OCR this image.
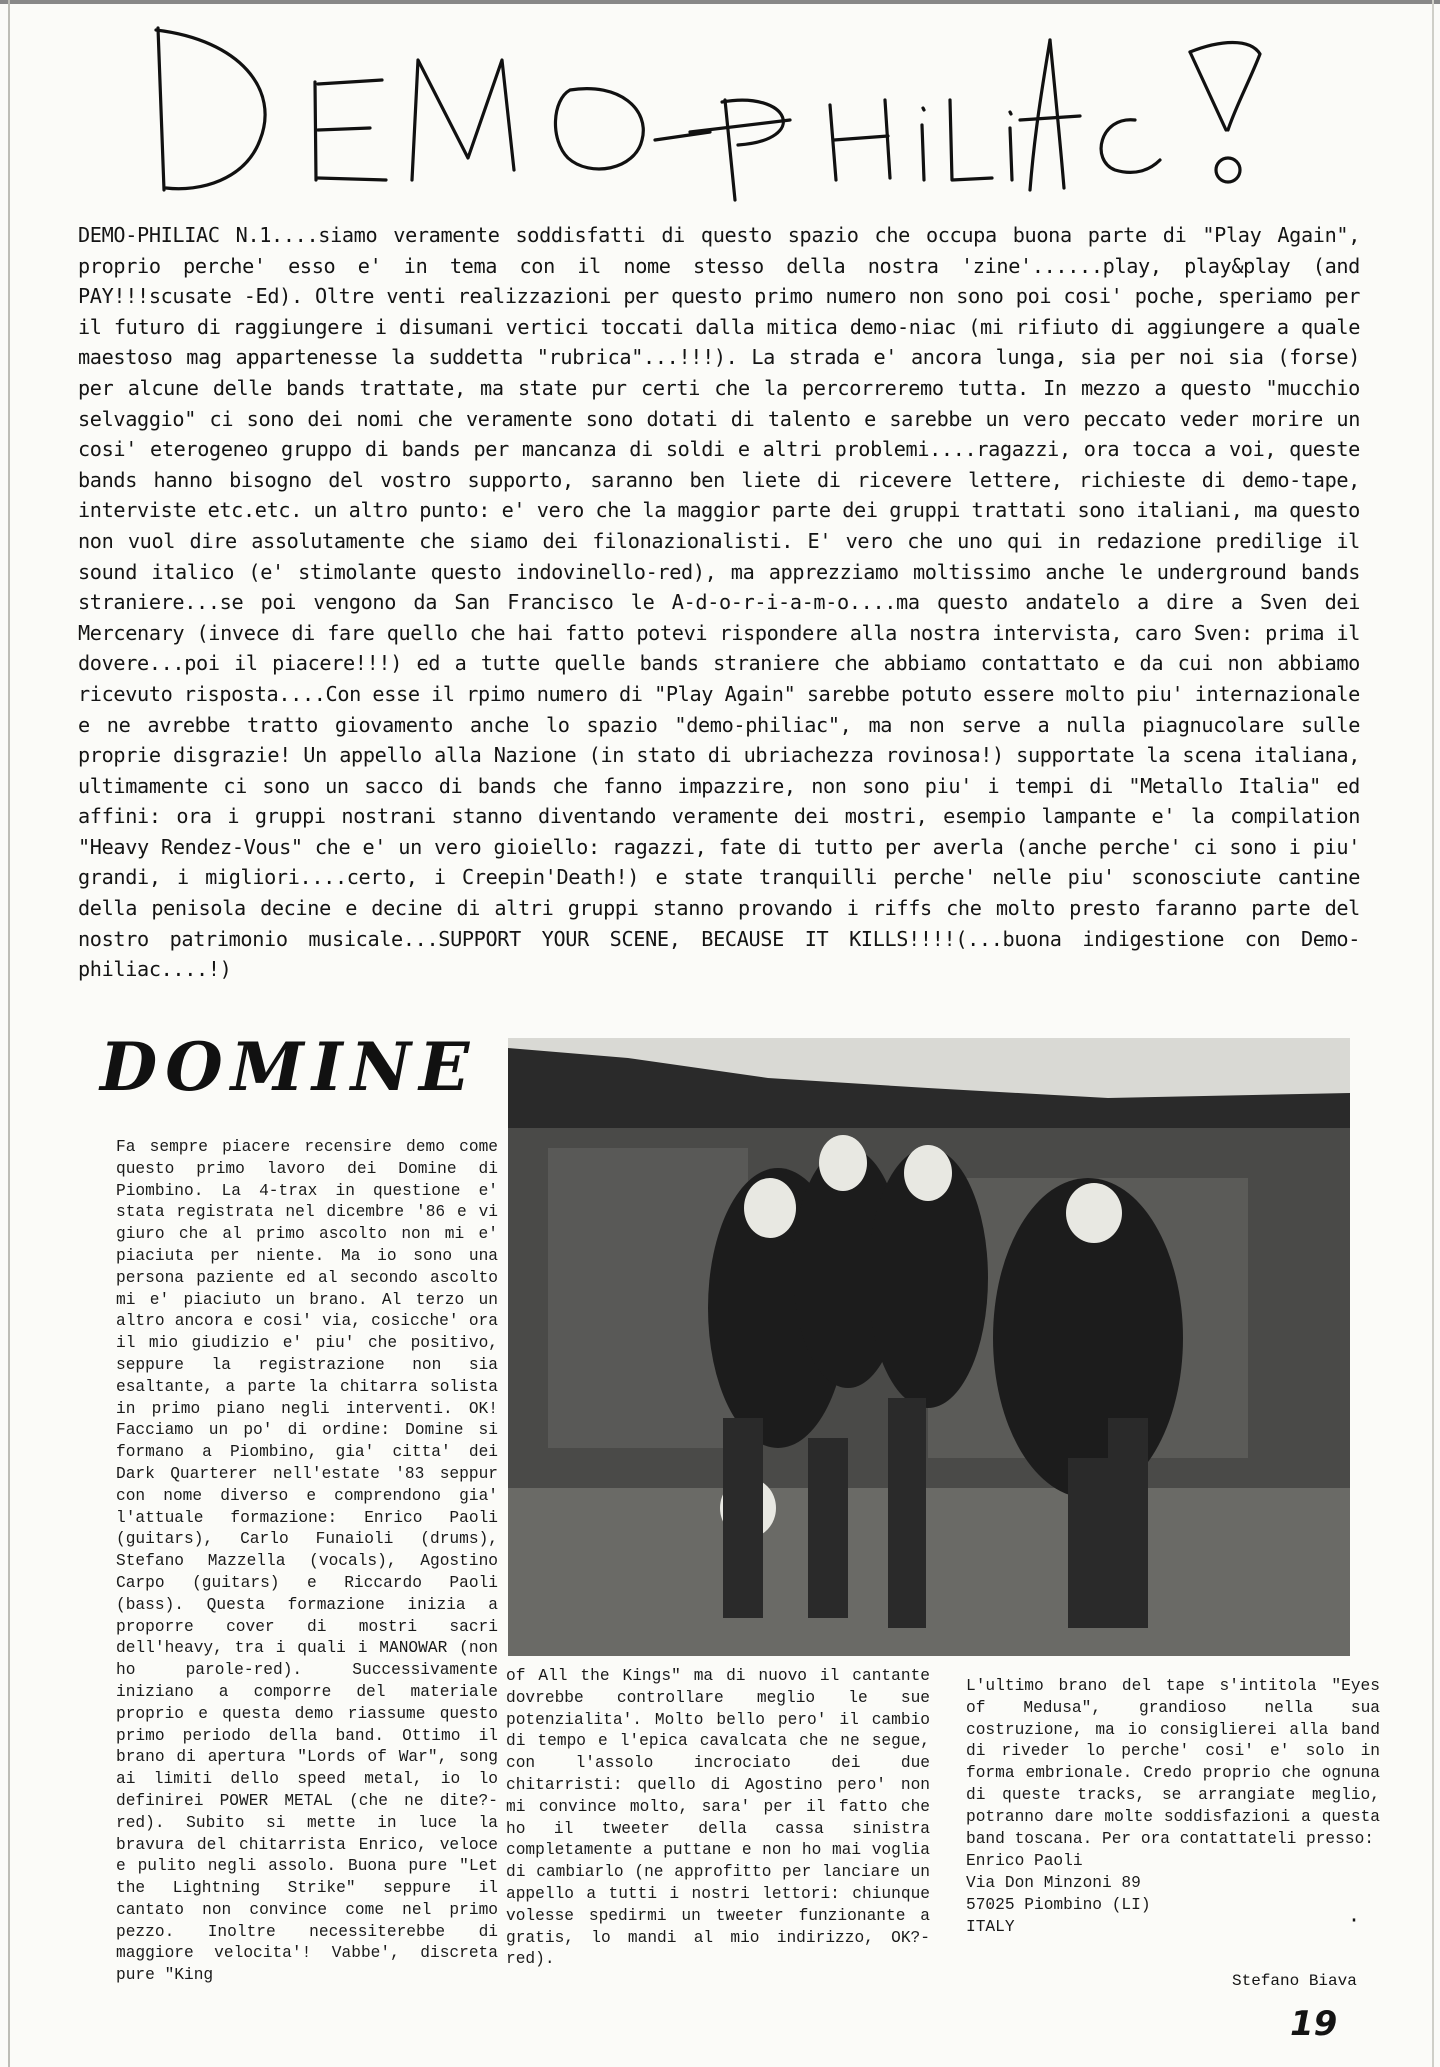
DEMO-PHILIAC N.1....siamo veramente soddisfatti di questo spazio che occupa buona parte di "Play Again", proprio perche' esso e' in tema con il nome stesso della nostra 'zine'......play, play&play (and PAY!!!scusate -Ed). Oltre venti realizzazioni per questo primo numero non sono poi cosi' poche, speriamo per il futuro di raggiungere i disumani vertici toccati dalla mitica demo-niac (mi rifiuto di aggiungere a quale maestoso mag appartenesse la suddetta "rubrica"...!!!). La strada e' ancora lunga, sia per noi sia (forse) per alcune delle bands trattate, ma state pur certi che la percorreremo tutta. In mezzo a questo "mucchio selvaggio" ci sono dei nomi che veramente sono dotati di talento e sarebbe un vero peccato veder morire un cosi' eterogeneo gruppo di bands per mancanza di soldi e altri problemi....ragazzi, ora tocca a voi, queste bands hanno bisogno del vostro supporto, saranno ben liete di ricevere lettere, richieste di demo-tape, interviste etc.etc. un altro punto: e' vero che la maggior parte dei gruppi trattati sono italiani, ma questo non vuol dire assolutamente che siamo dei filonazionalisti. E' vero che uno qui in redazione predilige il sound italico (e' stimolante questo indovinello-red), ma apprezziamo moltissimo anche le underground bands straniere...se poi vengono da San Francisco le A-d-o-r-i-a-m-o....ma questo andatelo a dire a Sven dei Mercenary (invece di fare quello che hai fatto potevi rispondere alla nostra intervista, caro Sven: prima il dovere...poi il piacere!!!) ed a tutte quelle bands straniere che abbiamo contattato e da cui non abbiamo ricevuto risposta....Con esse il rpimo numero di "Play Again" sarebbe potuto essere molto piu' internazionale e ne avrebbe tratto giovamento anche lo spazio "demo-philiac", ma non serve a nulla piagnucolare sulle proprie disgrazie! Un appello alla Nazione (in stato di ubriachezza rovinosa!) supportate la scena italiana, ultimamente ci sono un sacco di bands che fanno impazzire, non sono piu' i tempi di "Metallo Italia" ed affini: ora i gruppi nostrani stanno diventando veramente dei mostri, esempio lampante e' la compilation "Heavy Rendez-Vous" che e' un vero gioiello: ragazzi, fate di tutto per averla (anche perche' ci sono i piu' grandi, i migliori....certo, i Creepin'Death!) e state tranquilli perche' nelle piu' sconosciute cantine della penisola decine e decine di altri gruppi stanno provando i riffs che molto presto faranno parte del nostro patrimonio musicale...SUPPORT YOUR SCENE, BECAUSE IT KILLS!!!!(...buona indigestione con Demo-philiac....!)
DOMINE

Fa sempre piacere recensire demo come questo primo lavoro dei Domine di Piombino. La 4-trax in questione e' stata registrata nel dicembre '86 e vi giuro che al primo ascolto non mi e' piaciuta per niente. Ma io sono una persona paziente ed al secondo ascolto mi e' piaciuto un brano. Al terzo un altro ancora e cosi' via, cosicche' ora il mio giudizio e' piu' che positivo, seppure la registrazione non sia esaltante, a parte la chitarra solista in primo piano negli interventi. OK! Facciamo un po' di ordine: Domine si formano a Piombino, gia' citta' dei Dark Quarterer nell'estate '83 seppur con nome diverso e comprendono gia' l'attuale formazione: Enrico Paoli (guitars), Carlo Funaioli (drums), Stefano Mazzella (vocals), Agostino Carpo (guitars) e Riccardo Paoli (bass). Questa formazione inizia a proporre cover di mostri sacri dell'heavy, tra i quali i MANOWAR (non ho parole-red). Successivamente iniziano a comporre del materiale proprio e questa demo riassume questo primo periodo della band. Ottimo il brano di apertura "Lords of War", song ai limiti dello speed metal, io lo definirei POWER METAL (che ne dite?-red). Subito si mette in luce la bravura del chitarrista Enrico, veloce e pulito negli assolo. Buona pure "Let the Lightning Strike" seppure il cantato non convince come nel primo pezzo. Inoltre necessiterebbe di maggiore velocita'! Vabbe', discreta pure "King

of All the Kings" ma di nuovo il cantante dovrebbe controllare meglio le sue potenzialita'. Molto bello pero' il cambio di tempo e l'epica cavalcata che ne segue, con l'assolo incrociato dei due chitarristi: quello di Agostino pero' non mi convince molto, sara' per il fatto che ho il tweeter della cassa sinistra completamente a puttane e non ho mai voglia di cambiarlo (ne approfitto per lanciare un appello a tutti i nostri lettori: chiunque volesse spedirmi un tweeter funzionante a gratis, lo mandi al mio indirizzo, OK?-red).

L'ultimo brano del tape s'intitola "Eyes of Medusa", grandioso nella sua costruzione, ma io consiglierei alla band di riveder lo perche' cosi' e' solo in forma embrionale. Credo proprio che ognuna di queste tracks, se arrangiate meglio, potranno dare molte soddisfazioni a questa band toscana. Per ora contattateli presso:

Enrico Paoli
Via Don Minzoni 89
57025 Piombino (LI)
ITALY	·
Stefano Biava
19
